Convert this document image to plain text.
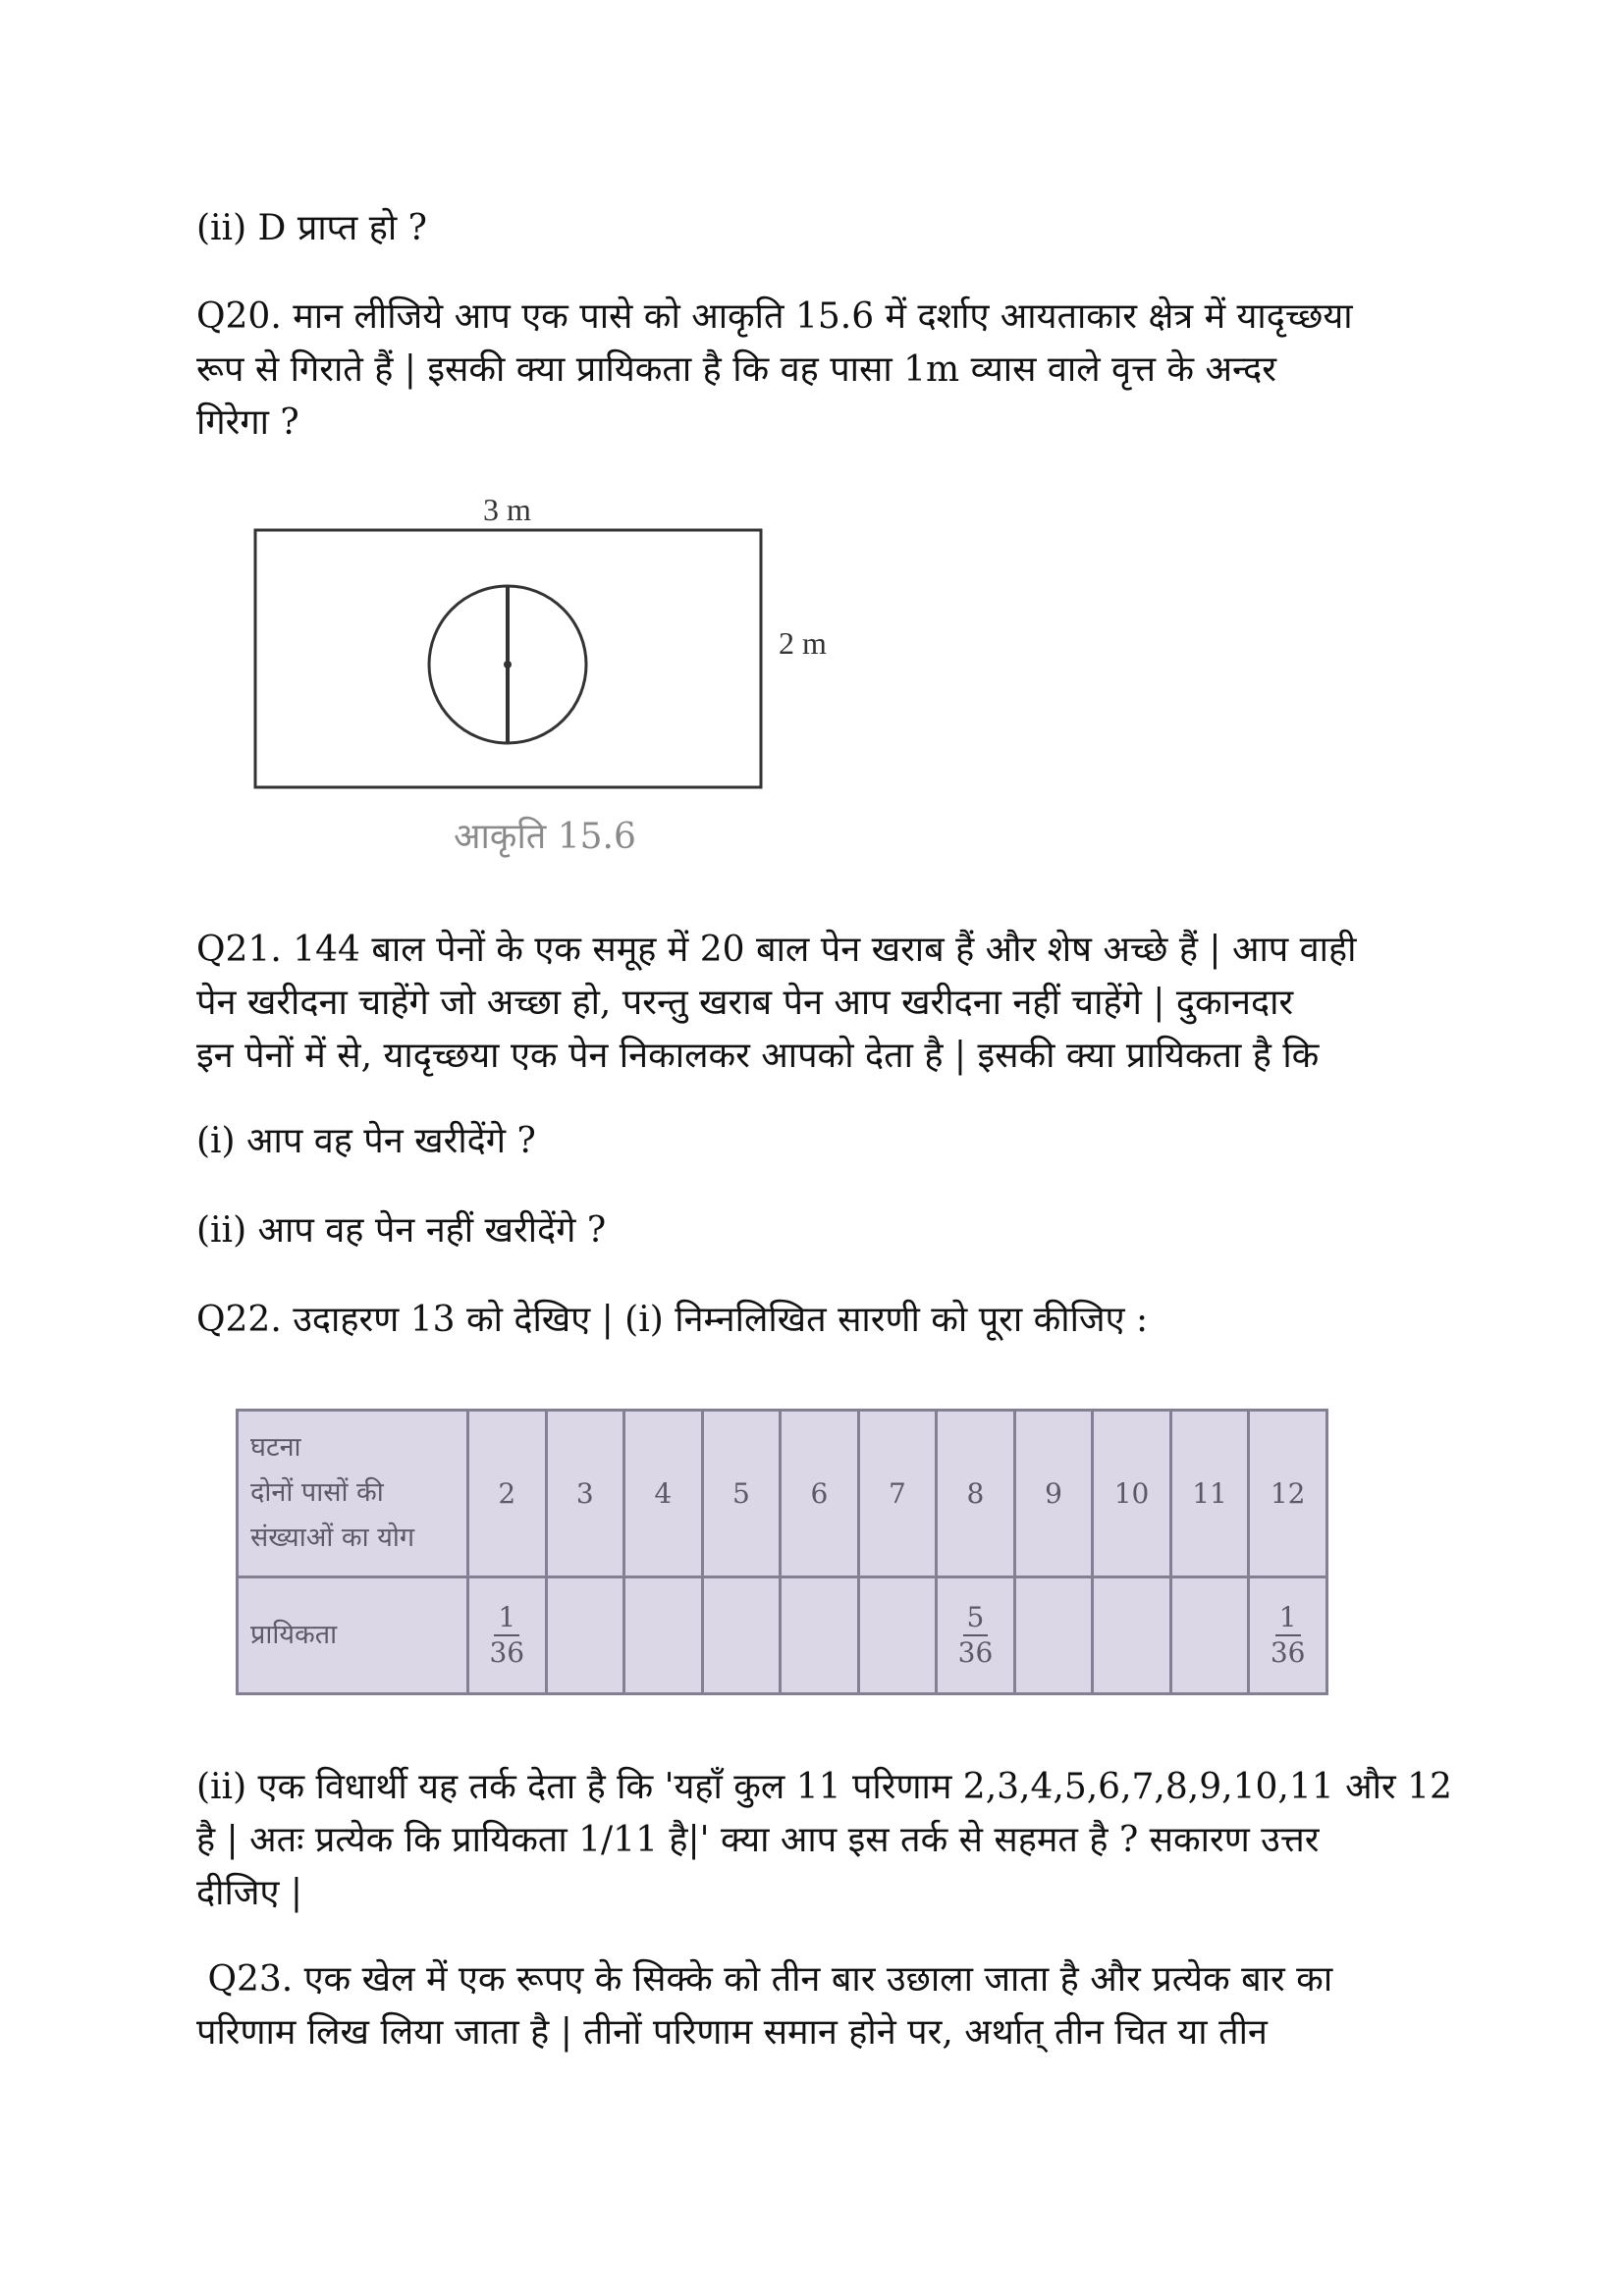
(ii) D प्राप्त हो ?

Q20. मान लीजिये आप एक पासे को आकृति 15.6 में दर्शाए आयताकार क्षेत्र में यादृच्छया

रूप से गिराते हैं | इसकी क्या प्रायिकता है कि वह पासा 1m व्यास वाले वृत्त के अन्दर

गिरेगा ?

3 m
2 m
आकृति 15.6

Q21. 144 बाल पेनों के एक समूह में 20 बाल पेन खराब हैं और शेष अच्छे हैं | आप वाही

पेन खरीदना चाहेंगे जो अच्छा हो, परन्तु खराब पेन आप खरीदना नहीं चाहेंगे | दुकानदार

इन पेनों में से, यादृच्छया एक पेन निकालकर आपको देता है | इसकी क्या प्रायिकता है कि

(i) आप वह पेन खरीदेंगे ?

(ii) आप वह पेन नहीं खरीदेंगे ?

Q22. उदाहरण 13 को देखिए | (i) निम्नलिखित सारणी को पूरा कीजिए :

घटना
दोनों पासों की
संख्याओं का योग	2	3	4	5	6	7	8	9	10	11	12
प्रायिकता	$\frac{1}{36}$						$\frac{5}{36}$				$\frac{1}{36}$

(ii) एक विधार्थी यह तर्क देता है कि 'यहाँ कुल 11 परिणाम 2,3,4,5,6,7,8,9,10,11 और 12

है | अतः प्रत्येक कि प्रायिकता 1/11 है|' क्या आप इस तर्क से सहमत है ? सकारण उत्तर

दीजिए |

Q23. एक खेल में एक रूपए के सिक्के को तीन बार उछाला जाता है और प्रत्येक बार का

परिणाम लिख लिया जाता है | तीनों परिणाम समान होने पर, अर्थात् तीन चित या तीन
